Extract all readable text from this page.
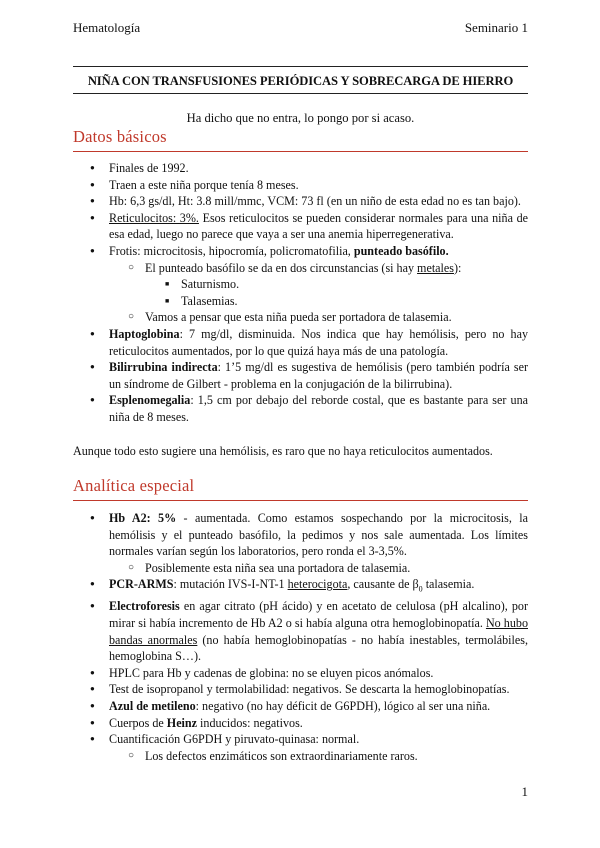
Hematología	Seminario 1
NIÑA CON TRANSFUSIONES PERIÓDICAS Y SOBRECARGA DE HIERRO
Ha dicho que no entra, lo pongo por si acaso.
Datos básicos
● Finales de 1992.
● Traen a este niña porque tenía 8 meses.
● Hb: 6,3 gs/dl, Ht: 3.8 mill/mmc, VCM: 73 fl (en un niño de esta edad no es tan bajo).
● Reticulocitos: 3%. Esos reticulocitos se pueden considerar normales para una niña de esa edad, luego no parece que vaya a ser una anemia hiperregenerativa.
● Frotis: microcitosis, hipocromía, policromatofilia, punteado basófilo.
○ El punteado basófilo se da en dos circunstancias (si hay metales):
■ Saturnismo.
■ Talasemias.
○ Vamos a pensar que esta niña pueda ser portadora de talasemia.
● Haptoglobina: 7 mg/dl, disminuida. Nos indica que hay hemólisis, pero no hay reticulocitos aumentados, por lo que quizá haya más de una patología.
● Bilirrubina indirecta: 1’5 mg/dl es sugestiva de hemólisis (pero también podría ser un síndrome de Gilbert - problema en la conjugación de la bilirrubina).
● Esplenomegalia: 1,5 cm por debajo del reborde costal, que es bastante para ser una niña de 8 meses.
Aunque todo esto sugiere una hemólisis, es raro que no haya reticulocitos aumentados.
Analítica especial
● Hb A2: 5% - aumentada. Como estamos sospechando por la microcitosis, la hemólisis y el punteado basófilo, la pedimos y nos sale aumentada. Los límites normales varían según los laboratorios, pero ronda el 3-3,5%.
○ Posiblemente esta niña sea una portadora de talasemia.
● PCR-ARMS: mutación IVS-I-NT-1 heterocigota, causante de $\beta_0$ talasemia.
● Electroforesis en agar citrato (pH ácido) y en acetato de celulosa (pH alcalino), por mirar si había incremento de Hb A2 o si había alguna otra hemoglobinopatía. No hubo bandas anormales (no había hemoglobinopatías - no había inestables, termolábiles, hemoglobina S…).
● HPLC para Hb y cadenas de globina: no se eluyen picos anómalos.
● Test de isopropanol y termolabilidad: negativos. Se descarta la hemoglobinopatías.
● Azul de metileno: negativo (no hay déficit de G6PDH), lógico al ser una niña.
● Cuerpos de Heinz inducidos: negativos.
● Cuantificación G6PDH y piruvato-quinasa: normal.
○ Los defectos enzimáticos son extraordinariamente raros.
1
